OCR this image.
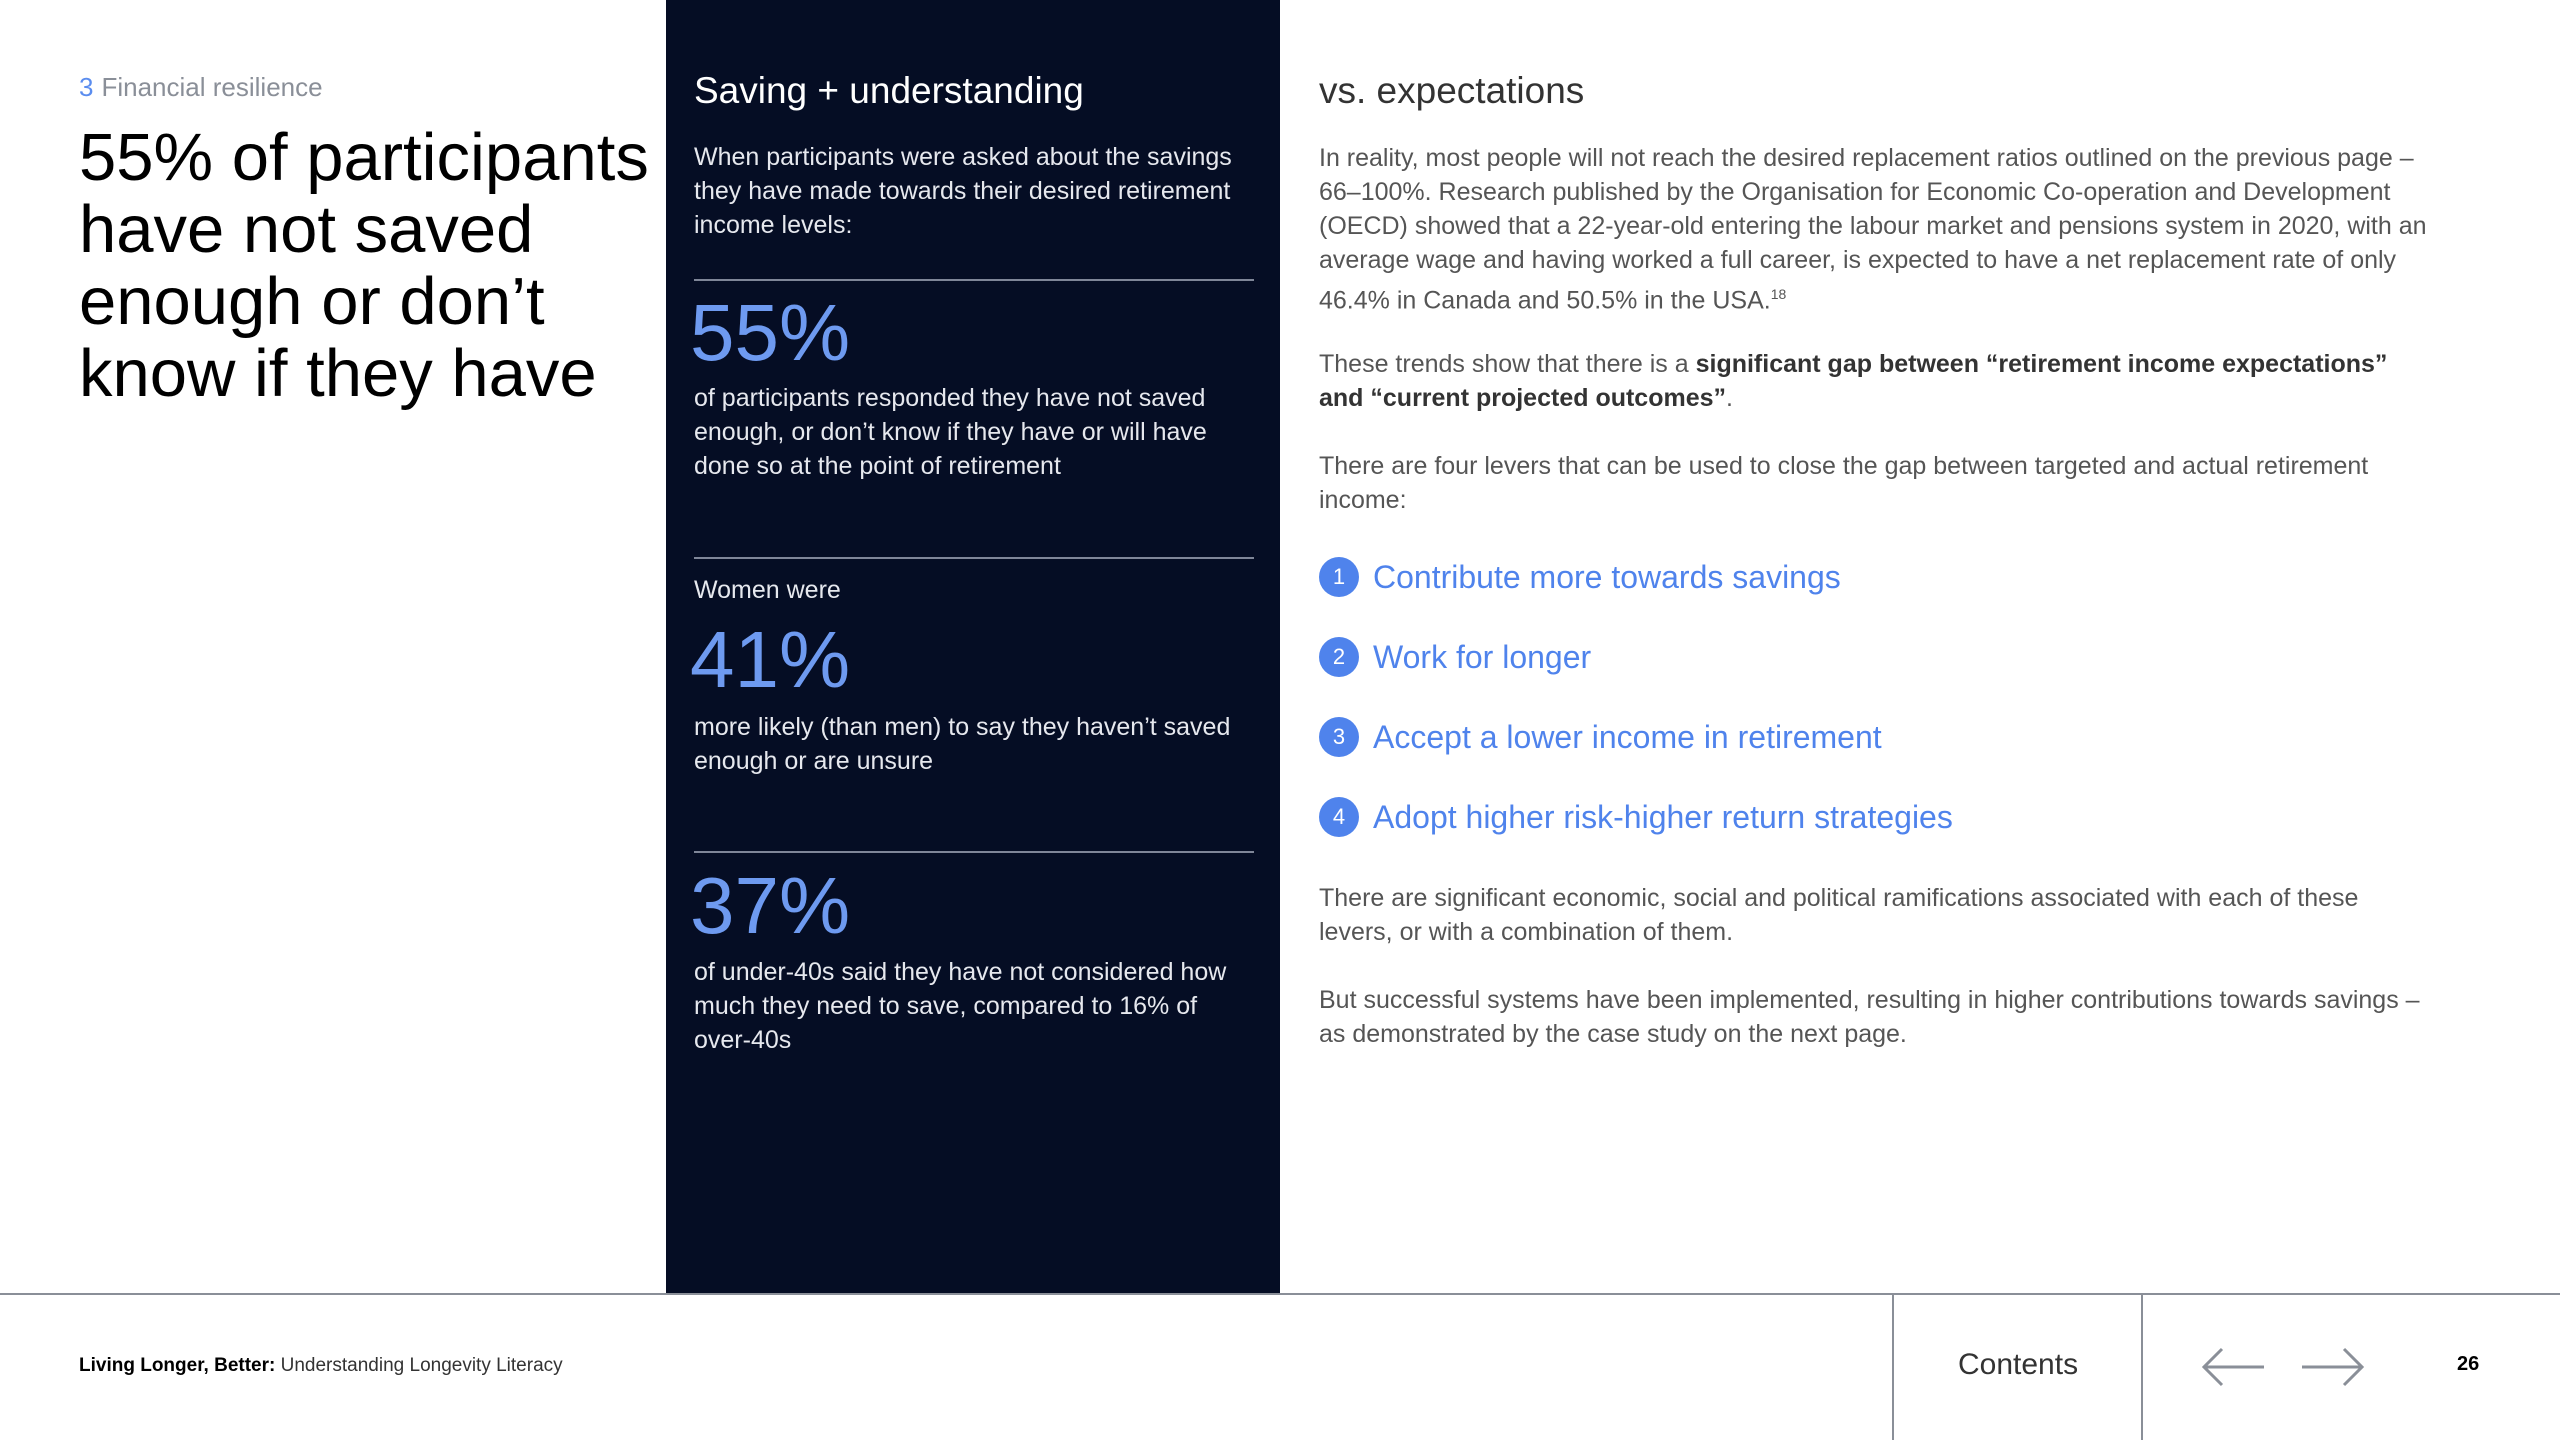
3 Financial resilience
55% of participants have not saved enough or don’t know if they have
Saving + understanding
When participants were asked about the savings they have made towards their desired retirement income levels:
55%
of participants responded they have not saved enough, or don’t know if they have or will have done so at the point of retirement
Women were
41%
more likely (than men) to say they haven’t saved enough or are unsure
37%
of under-40s said they have not considered how much they need to save, compared to 16% of over-40s
vs. expectations

In reality, most people will not reach the desired replacement ratios outlined on the previous page – 66–100%. Research published by the Organisation for Economic Co-operation and Development (OECD) showed that a 22-year-old entering the labour market and pensions system in 2020, with an average wage and having worked a full career, is expected to have a net replacement rate of only 46.4% in Canada and 50.5% in the USA.$^{18}$

These trends show that there is a significant gap between “retirement income expectations” and “current projected outcomes”.

There are four levers that can be used to close the gap between targeted and actual retirement income:

1 Contribute more towards savings
2 Work for longer
3 Accept a lower income in retirement
4 Adopt higher risk-higher return strategies

There are significant economic, social and political ramifications associated with each of these levers, or with a combination of them.

But successful systems have been implemented, resulting in higher contributions towards savings – as demonstrated by the case study on the next page.

Living Longer, Better: Understanding Longevity Literacy	Contents	26
